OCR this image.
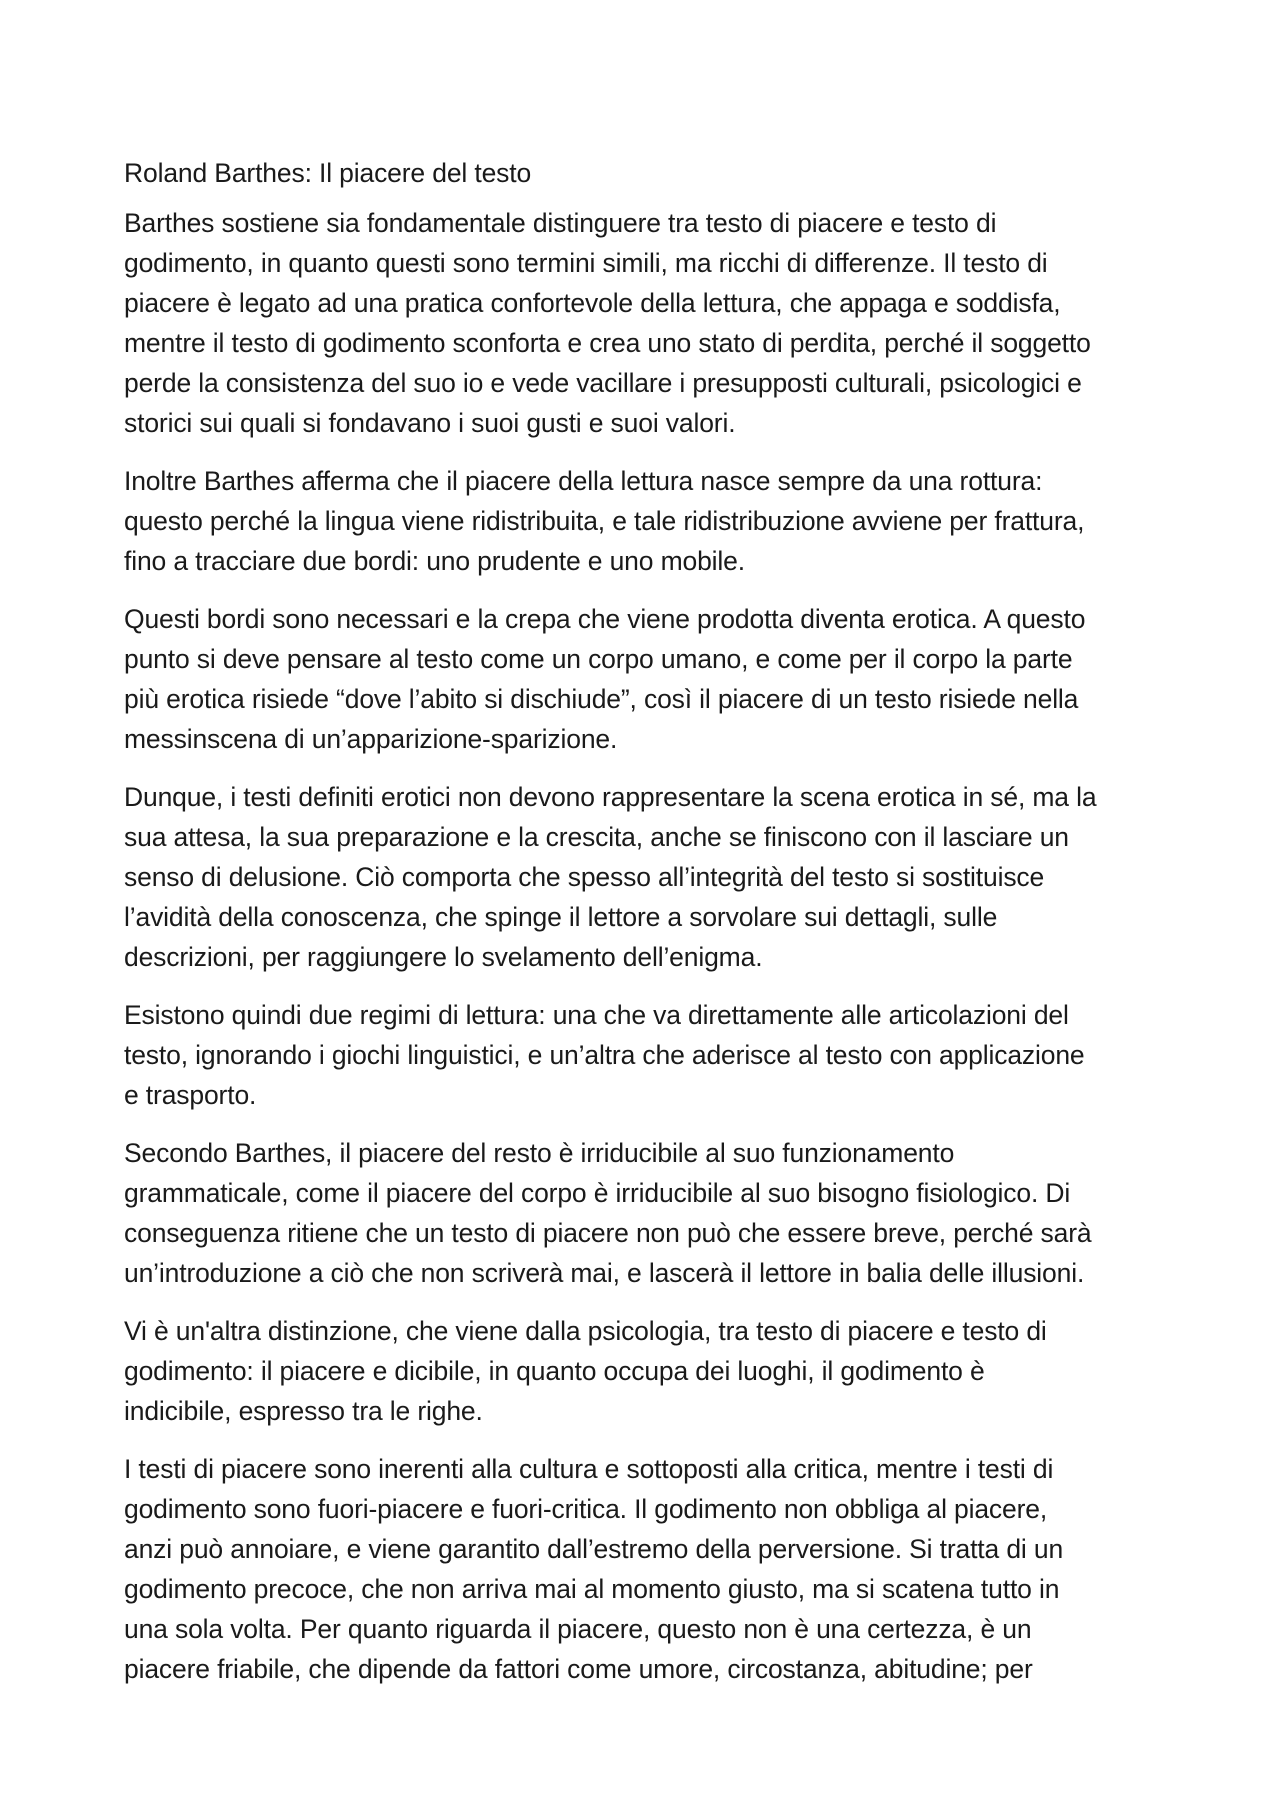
Roland Barthes: Il piacere del testo
Barthes sostiene sia fondamentale distinguere tra testo di piacere e testo di
godimento, in quanto questi sono termini simili, ma ricchi di differenze. Il testo di
piacere è legato ad una pratica confortevole della lettura, che appaga e soddisfa,
mentre il testo di godimento sconforta e crea uno stato di perdita, perché il soggetto
perde la consistenza del suo io e vede vacillare i presupposti culturali, psicologici e
storici sui quali si fondavano i suoi gusti e suoi valori.
Inoltre Barthes afferma che il piacere della lettura nasce sempre da una rottura:
questo perché la lingua viene ridistribuita, e tale ridistribuzione avviene per frattura,
fino a tracciare due bordi: uno prudente e uno mobile.
Questi bordi sono necessari e la crepa che viene prodotta diventa erotica. A questo
punto si deve pensare al testo come un corpo umano, e come per il corpo la parte
più erotica risiede “dove l’abito si dischiude”, così il piacere di un testo risiede nella
messinscena di un’apparizione-sparizione.
Dunque, i testi definiti erotici non devono rappresentare la scena erotica in sé, ma la
sua attesa, la sua preparazione e la crescita, anche se finiscono con il lasciare un
senso di delusione. Ciò comporta che spesso all’integrità del testo si sostituisce
l’avidità della conoscenza, che spinge il lettore a sorvolare sui dettagli, sulle
descrizioni, per raggiungere lo svelamento dell’enigma.
Esistono quindi due regimi di lettura: una che va direttamente alle articolazioni del
testo, ignorando i giochi linguistici, e un’altra che aderisce al testo con applicazione
e trasporto.
Secondo Barthes, il piacere del resto è irriducibile al suo funzionamento
grammaticale, come il piacere del corpo è irriducibile al suo bisogno fisiologico. Di
conseguenza ritiene che un testo di piacere non può che essere breve, perché sarà
un’introduzione a ciò che non scriverà mai, e lascerà il lettore in balia delle illusioni.
Vi è un'altra distinzione, che viene dalla psicologia, tra testo di piacere e testo di
godimento: il piacere e dicibile, in quanto occupa dei luoghi, il godimento è
indicibile, espresso tra le righe.
I testi di piacere sono inerenti alla cultura e sottoposti alla critica, mentre i testi di
godimento sono fuori-piacere e fuori-critica. Il godimento non obbliga al piacere,
anzi può annoiare, e viene garantito dall’estremo della perversione. Si tratta di un
godimento precoce, che non arriva mai al momento giusto, ma si scatena tutto in
una sola volta. Per quanto riguarda il piacere, questo non è una certezza, è un
piacere friabile, che dipende da fattori come umore, circostanza, abitudine; per
